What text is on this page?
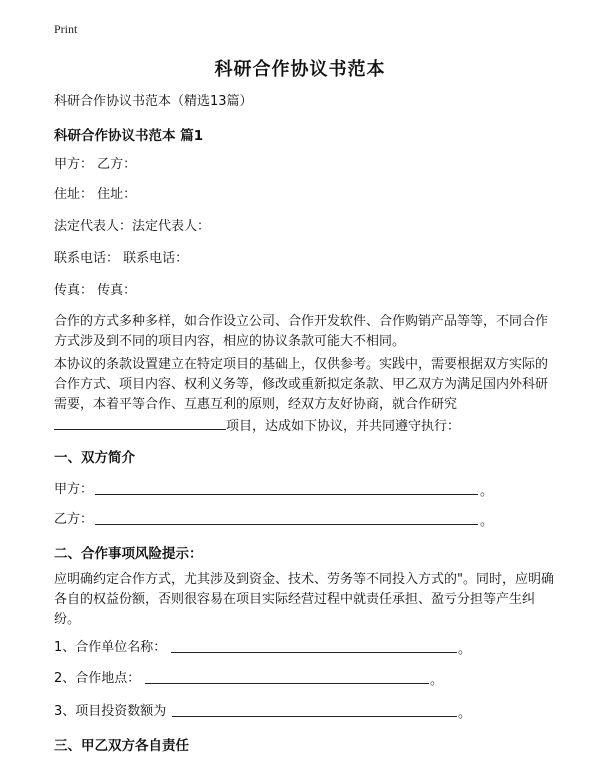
Print
科研合作协议书范本
科研合作协议书范本（精选13篇）
科研合作协议书范本 篇1
甲方： 乙方：
住址： 住址：
法定代表人：法定代表人：
联系电话： 联系电话：
传真： 传真：
合作的方式多种多样，如合作设立公司、合作开发软件、合作购销产品等等，不同合作方式涉及到不同的项目内容，相应的协议条款可能大不相同。
本协议的条款设置建立在特定项目的基础上，仅供参考。实践中，需要根据双方实际的合作方式、项目内容、权利义务等，修改或重新拟定条款、甲乙双方为满足国内外科研需要，本着平等合作、互惠互利的原则，经双方友好协商，就合作研究项目，达成如下协议，并共同遵守执行：
一、双方简介
甲方：	。
乙方：	。
二、合作事项风险提示：
应明确约定合作方式，尤其涉及到资金、技术、劳务等不同投入方式的"。同时，应明确各自的权益份额，否则很容易在项目实际经营过程中就责任承担、盈亏分担等产生纠纷。
1、合作单位名称：	。
2、合作地点：	。
3、项目投资数额为	。
三、甲乙双方各自责任
